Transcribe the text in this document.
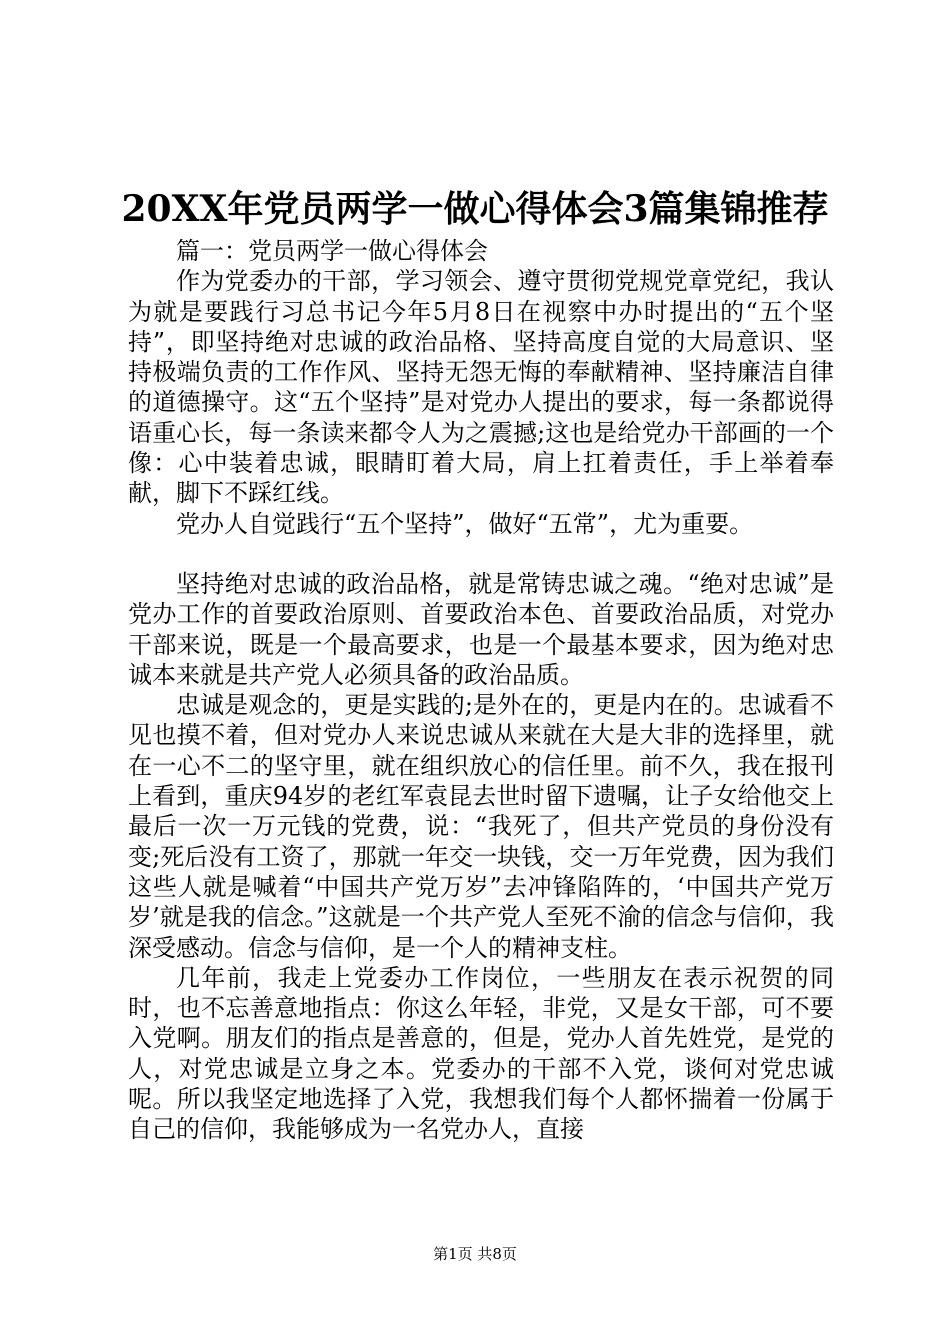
20XX年党员两学一做心得体会3篇集锦推荐

篇一：党员两学一做心得体会

作为党委办的干部，学习领会、遵守贯彻党规党章党纪，我认为就是要践行习总书记今年5月8日在视察中办时提出的“五个坚持”，即坚持绝对忠诚的政治品格、坚持高度自觉的大局意识、坚持极端负责的工作作风、坚持无怨无悔的奉献精神、坚持廉洁自律的道德操守。这“五个坚持”是对党办人提出的要求，每一条都说得语重心长，每一条读来都令人为之震撼;这也是给党办干部画的一个像：心中装着忠诚，眼睛盯着大局，肩上扛着责任，手上举着奉献，脚下不踩红线。

党办人自觉践行“五个坚持”，做好“五常”，尤为重要。

坚持绝对忠诚的政治品格，就是常铸忠诚之魂。“绝对忠诚”是党办工作的首要政治原则、首要政治本色、首要政治品质，对党办干部来说，既是一个最高要求，也是一个最基本要求，因为绝对忠诚本来就是共产党人必须具备的政治品质。

忠诚是观念的，更是实践的;是外在的，更是内在的。忠诚看不见也摸不着，但对党办人来说忠诚从来就在大是大非的选择里，就在一心不二的坚守里，就在组织放心的信任里。前不久，我在报刊上看到，重庆94岁的老红军袁昆去世时留下遗嘱，让子女给他交上最后一次一万元钱的党费，说：“我死了，但共产党员的身份没有变;死后没有工资了，那就一年交一块钱，交一万年党费，因为我们这些人就是喊着“中国共产党万岁”去冲锋陷阵的，‘中国共产党万岁’就是我的信念。”这就是一个共产党人至死不渝的信念与信仰，我深受感动。信念与信仰，是一个人的精神支柱。

几年前，我走上党委办工作岗位，一些朋友在表示祝贺的同时，也不忘善意地指点：你这么年轻，非党，又是女干部，可不要入党啊。朋友们的指点是善意的，但是，党办人首先姓党，是党的人，对党忠诚是立身之本。党委办的干部不入党，谈何对党忠诚呢。所以我坚定地选择了入党，我想我们每个人都怀揣着一份属于自己的信仰，我能够成为一名党办人，直接

第1页 共8页
